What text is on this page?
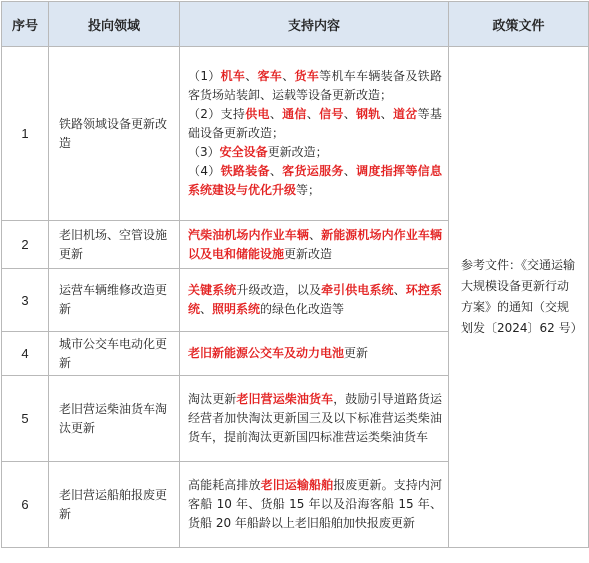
序号	投向领域	支持内容	政策文件
1	铁路领域设备更新改造	（1）机车、客车、货车等机车车辆装备及铁路客货场站装卸、运载等设备更新改造；
（2）支持供电、通信、信号、钢轨、道岔等基础设备更新改造；
（3）安全设备更新改造；
（4）铁路装备、客货运服务、调度指挥等信息系统建设与优化升级等；	参考文件：《交通运输大规模设备更新行动方案》的通知（交规划发〔2024〕62 号）
2	老旧机场、空管设施更新	汽柴油机场内作业车辆、新能源机场内作业车辆以及电和储能设施更新改造	

3	运营车辆维修改造更新	关键系统升级改造，以及牵引供电系统、环控系统、照明系统的绿色化改造等	

4	城市公交车电动化更新	老旧新能源公交车及动力电池更新	

5	老旧营运柴油货车淘汰更新	淘汰更新老旧营运柴油货车，鼓励引导道路货运经营者加快淘汰更新国三及以下标准营运类柴油货车，提前淘汰更新国四标准营运类柴油货车	

6	老旧营运船舶报废更新	高能耗高排放老旧运输船舶报废更新。支持内河客船 10 年、货船 15 年以及沿海客船 15 年、货船 20 年船龄以上老旧船舶加快报废更新	
